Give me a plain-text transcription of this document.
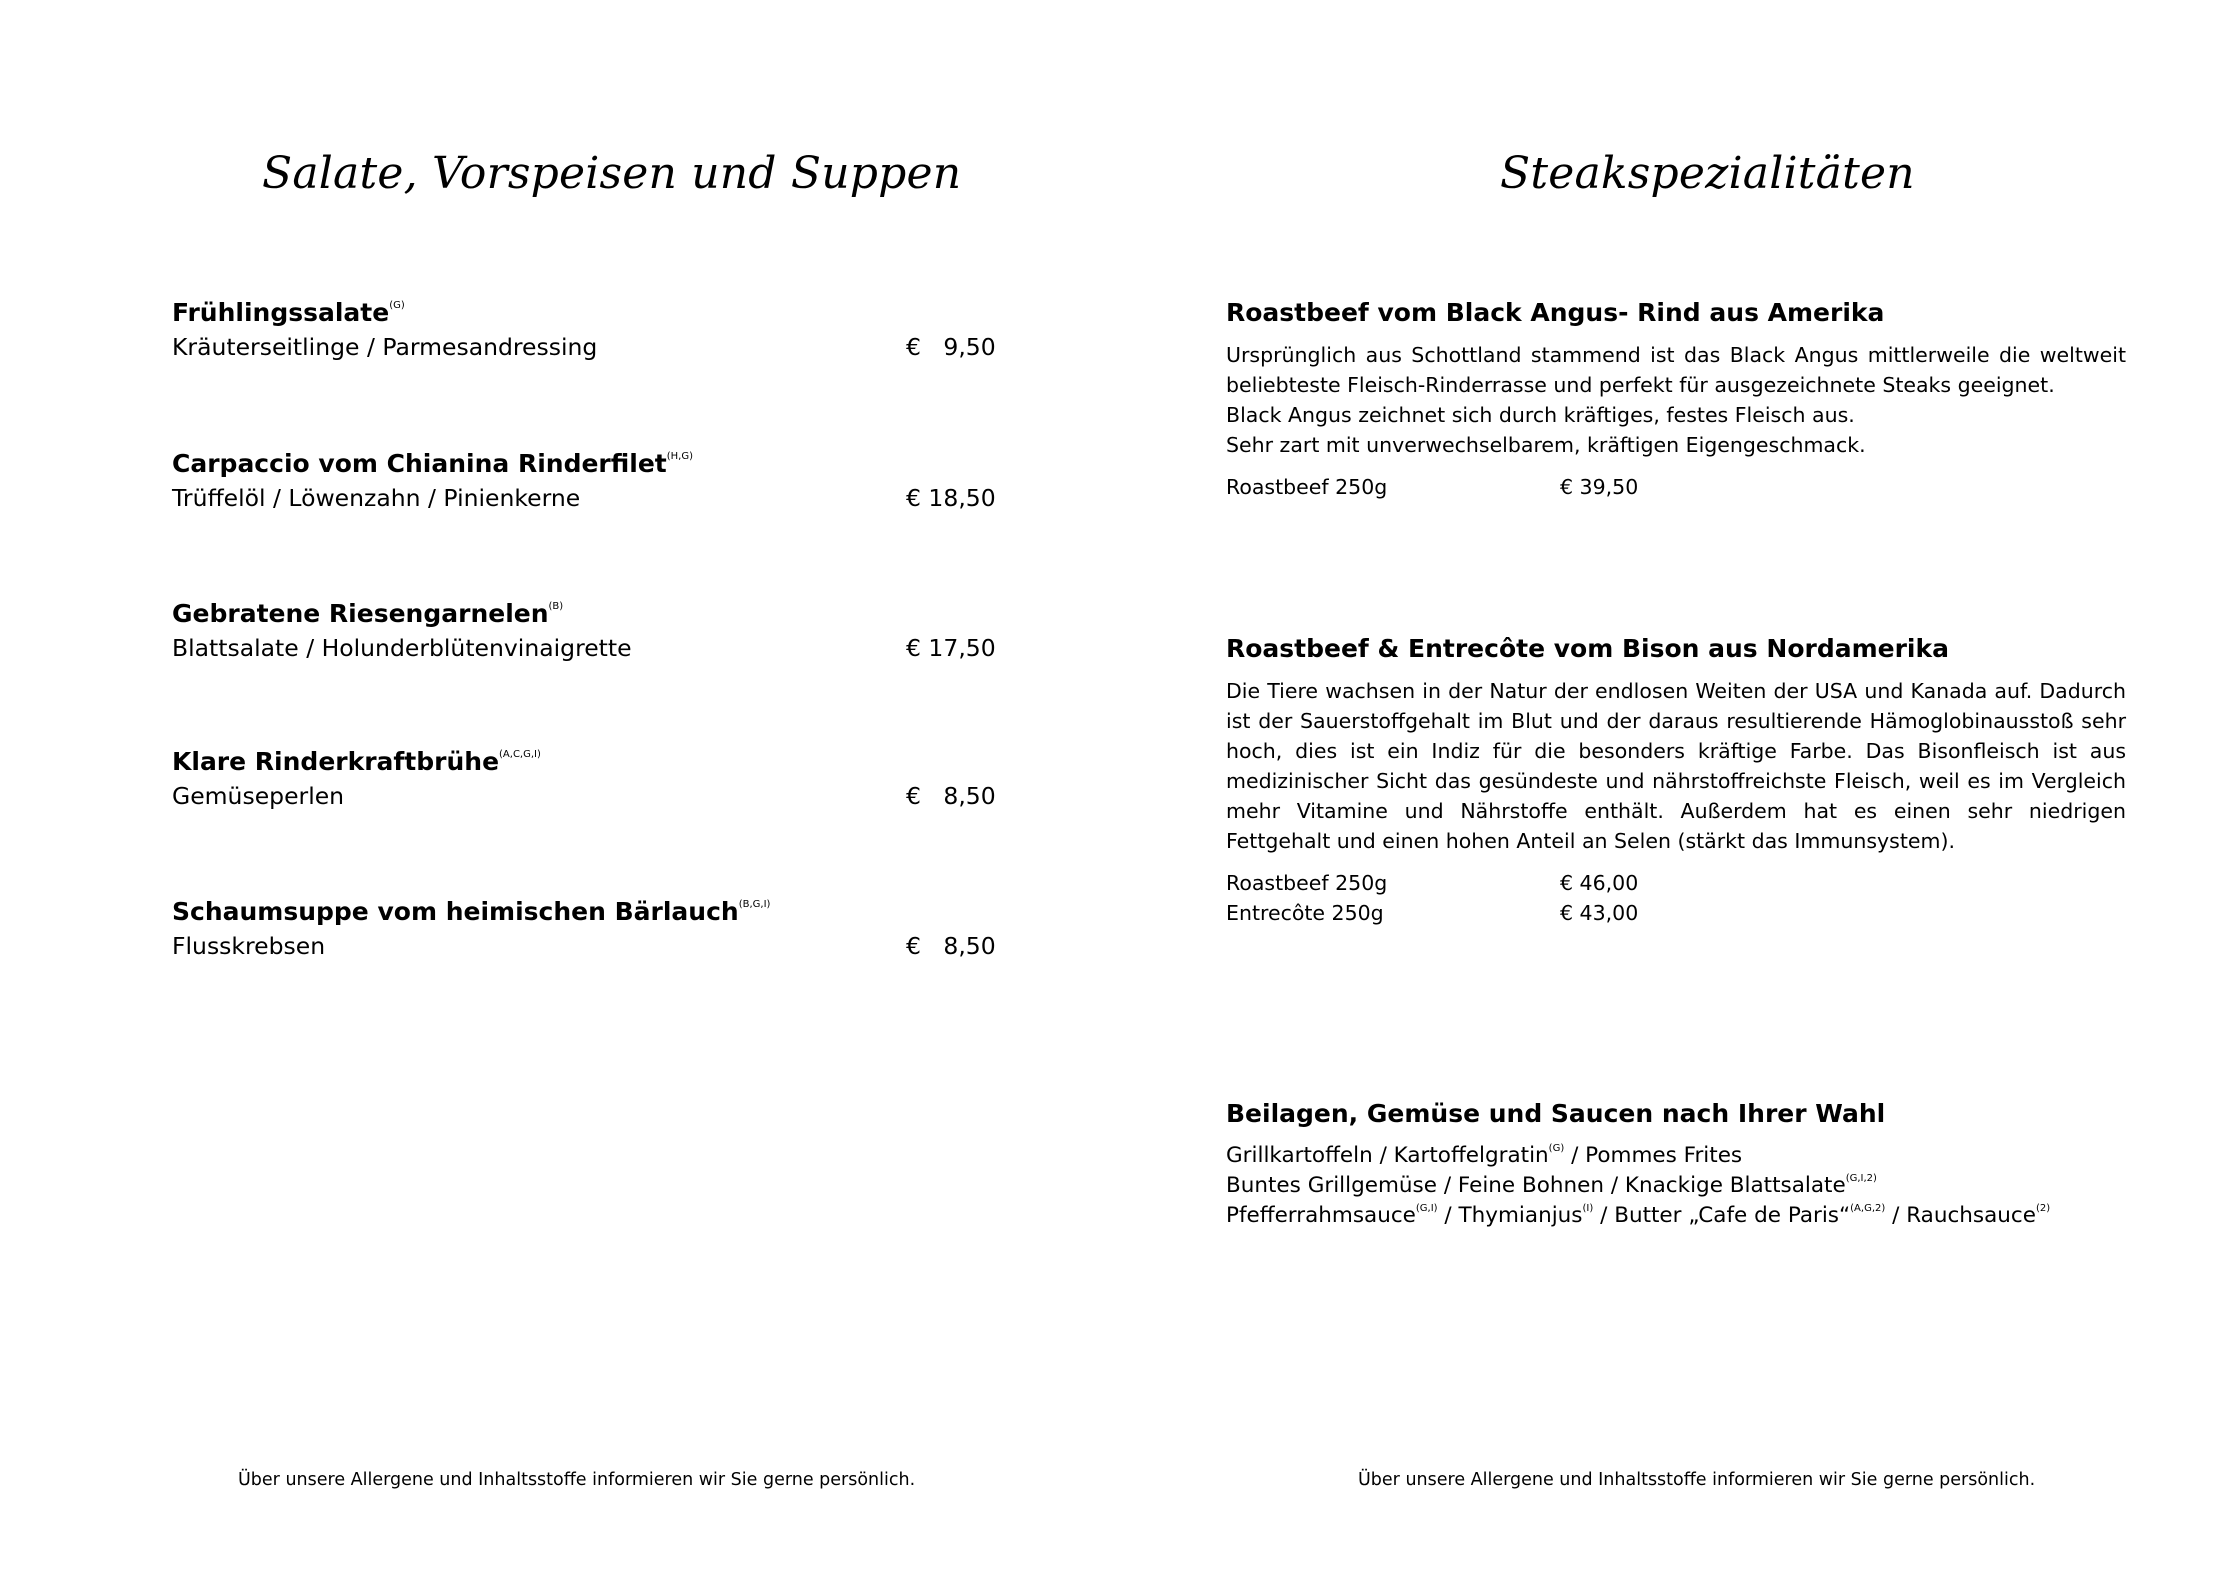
Salate, Vorspeisen und Suppen
Frühlingssalate$^{(G)}$
Kräuterseitlinge / Parmesandressing	€   9,50
Carpaccio vom Chianina Rinderfilet$^{(H,G)}$
Trüffelöl / Löwenzahn / Pinienkerne	€ 18,50
Gebratene Riesengarnelen$^{(B)}$
Blattsalate / Holunderblütenvinaigrette	€ 17,50
Klare Rinderkraftbrühe$^{(A,C,G,I)}$
Gemüseperlen	€   8,50
Schaumsuppe vom heimischen Bärlauch$^{(B,G,I)}$
Flusskrebsen	€   8,50
Über unsere Allergene und Inhaltsstoffe informieren wir Sie gerne persönlich.
Steakspezialitäten
Roastbeef vom Black Angus- Rind aus Amerika

Ursprünglich aus Schottland stammend ist das Black Angus mittlerweile die weltweit beliebteste Fleisch-Rinderrasse und perfekt für ausgezeichnete Steaks geeignet.

Black Angus zeichnet sich durch kräftiges, festes Fleisch aus.

Sehr zart mit unverwechselbarem, kräftigen Eigengeschmack.

Roastbeef 250g	€ 39,50
Roastbeef & Entrecôte vom Bison aus Nordamerika

Die Tiere wachsen in der Natur der endlosen Weiten der USA und Kanada auf. Dadurch ist der Sauerstoffgehalt im Blut und der daraus resultierende Hämoglobinausstoß sehr hoch, dies ist ein Indiz für die besonders kräftige Farbe. Das Bisonfleisch ist aus medizinischer Sicht das gesündeste und nährstoffreichste Fleisch, weil es im Vergleich mehr Vitamine und Nährstoffe enthält. Außerdem hat es einen sehr niedrigen Fettgehalt und einen hohen Anteil an Selen (stärkt das Immunsystem).

Roastbeef 250g	€ 46,00
Entrecôte 250g	€ 43,00
Beilagen, Gemüse und Saucen nach Ihrer Wahl
Grillkartoffeln / Kartoffelgratin$^{(G)}$ / Pommes Frites
Buntes Grillgemüse / Feine Bohnen / Knackige Blattsalate$^{(G,I,2)}$
Pfefferrahmsauce$^{(G,I)}$ / Thymianjus$^{(I)}$ / Butter „Cafe de Paris“$^{(A,G,2)}$ / Rauchsauce$^{(2)}$
Über unsere Allergene und Inhaltsstoffe informieren wir Sie gerne persönlich.
